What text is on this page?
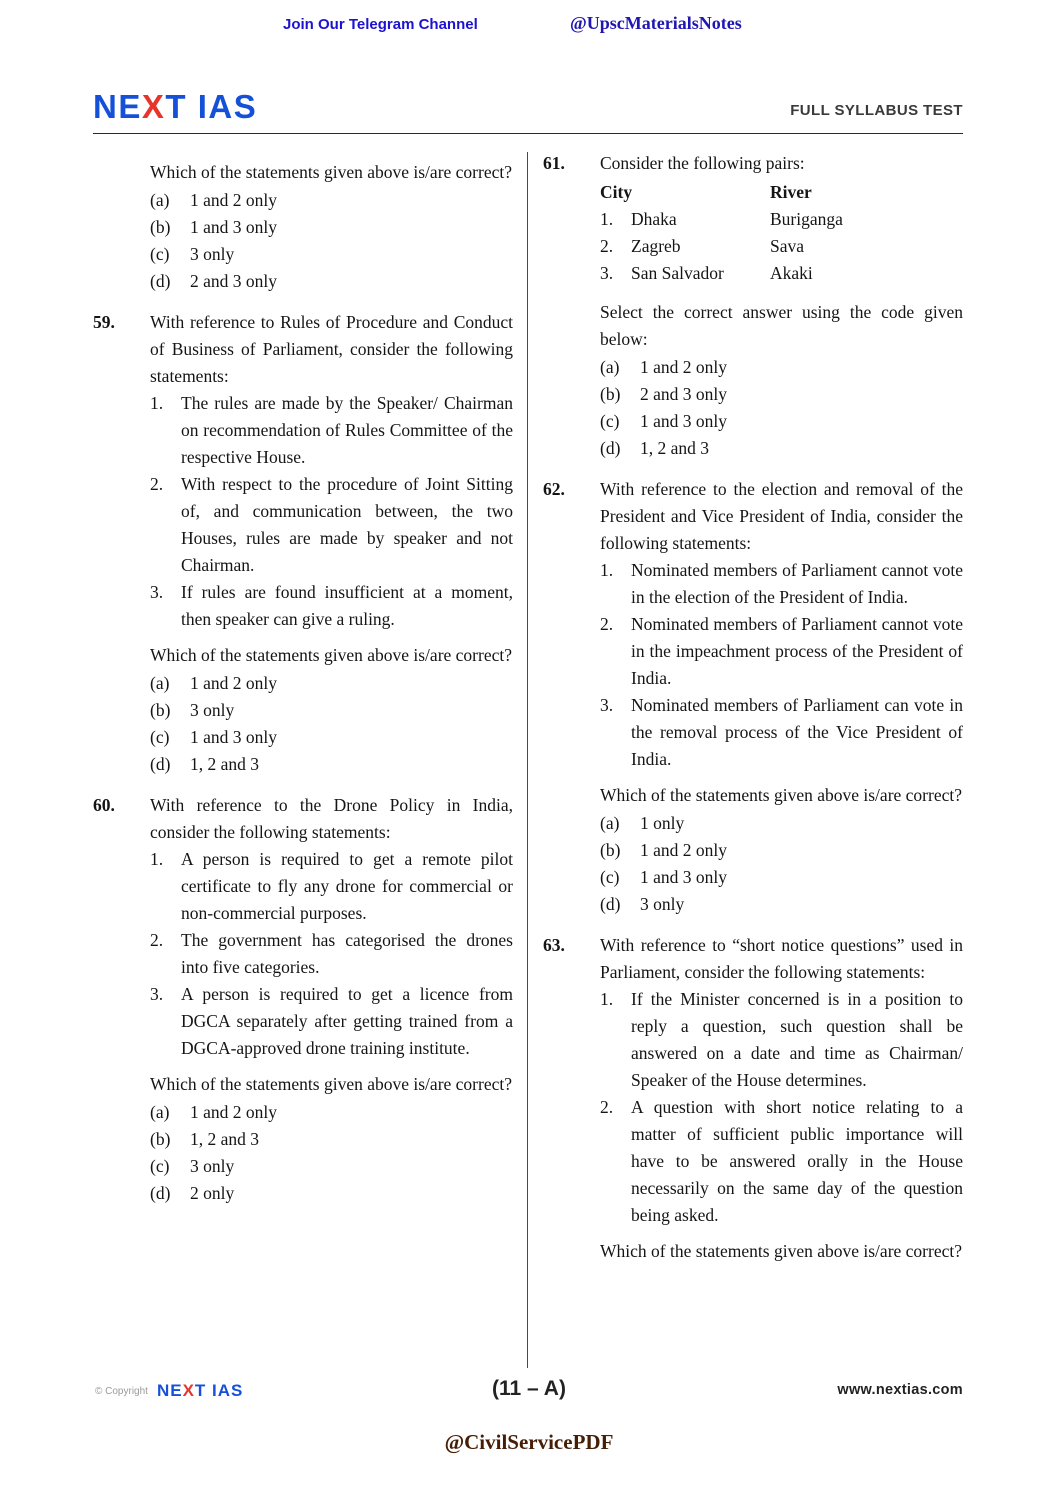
Join Our Telegram Channel	@UpscMaterialsNotes
NEXT IAS	FULL SYLLABUS TEST

Which of the statements given above is/are correct?

(a)	1 and 2 only
(b)	1 and 3 only
(c)	3 only
(d)	2 and 3 only
59.	With reference to Rules of Procedure and Conduct of Business of Parliament, consider the following statements:

1.	The rules are made by the Speaker/ Chairman on recommendation of Rules Committee of the respective House.
2.	With respect to the procedure of Joint Sitting of, and communication between, the two Houses, rules are made by speaker and not Chairman.
3.	If rules are found insufficient at a moment, then speaker can give a ruling.

Which of the statements given above is/are correct?

(a)	1 and 2 only
(b)	3 only
(c)	1 and 3 only
(d)	1, 2 and 3
60.	With reference to the Drone Policy in India, consider the following statements:

1.	A person is required to get a remote pilot certificate to fly any drone for commercial or non-commercial purposes.
2.	The government has categorised the drones into five categories.
3.	A person is required to get a licence from DGCA separately after getting trained from a DGCA-approved drone training institute.

Which of the statements given above is/are correct?

(a)	1 and 2 only
(b)	1, 2 and 3
(c)	3 only
(d)	2 only
61.	Consider the following pairs:

City	River
1.	Dhaka	Buriganga
2.	Zagreb	Sava
3.	San Salvador	Akaki

Select the correct answer using the code given below:

(a)	1 and 2 only
(b)	2 and 3 only
(c)	1 and 3 only
(d)	1, 2 and 3
62.	With reference to the election and removal of the President and Vice President of India, consider the following statements:

1.	Nominated members of Parliament cannot vote in the election of the President of India.
2.	Nominated members of Parliament cannot vote in the impeachment process of the President of India.
3.	Nominated members of Parliament can vote in the removal process of the Vice President of India.

Which of the statements given above is/are correct?

(a)	1 only
(b)	1 and 2 only
(c)	1 and 3 only
(d)	3 only
63.	With reference to “short notice questions” used in Parliament, consider the following statements:

1.	If the Minister concerned is in a position to reply a question, such question shall be answered on a date and time as Chairman/ Speaker of the House determines.
2.	A question with short notice relating to a matter of sufficient public importance will have to be answered orally in the House necessarily on the same day of the question being asked.

Which of the statements given above is/are correct?

© Copyright NEXT IAS	(11 – A)	www.nextias.com
@CivilServicePDF
